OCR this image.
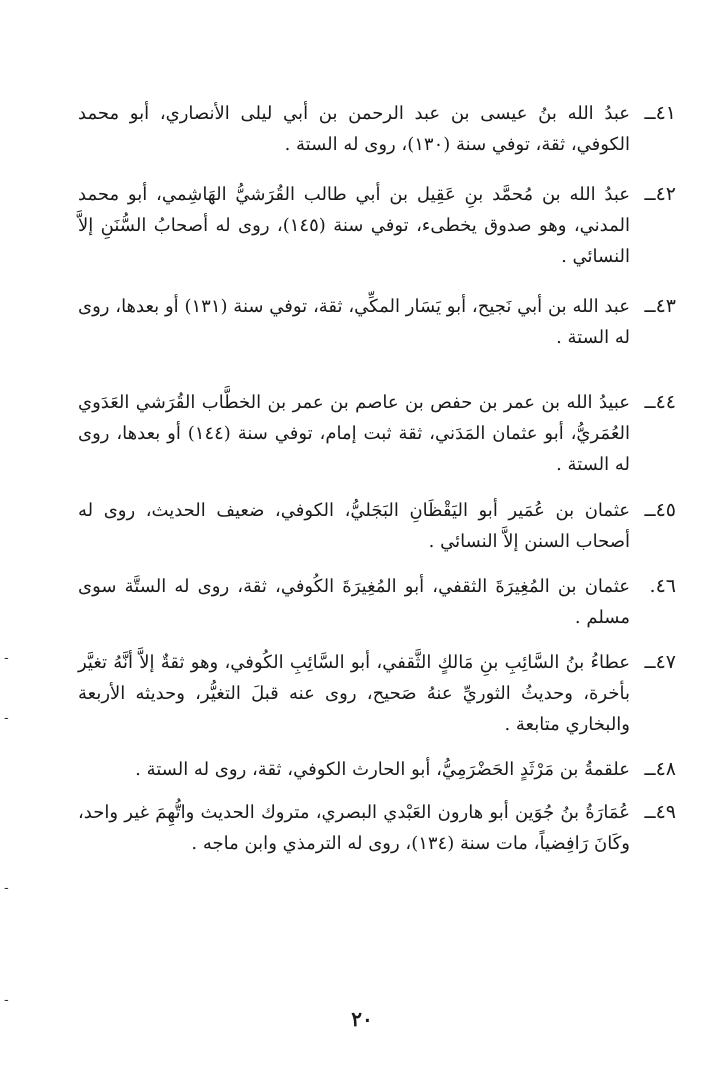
٤١ــ
عبدُ الله بنُ عيسى بن عبد الرحمن بن أبي ليلى الأنصاري، أبو محمد الكوفي، ثقة، توفي سنة (١٣٠)، روى له الستة .
٤٢ــ
عبدُ الله بن مُحمَّد بنِ عَقِيل بن أبي طالب القُرَشيُّ الهَاشِمي، أبو محمد المدني، وهو صدوق يخطىء، توفي سنة (١٤٥)، روى له أصحابُ السُّنَنِ إلاَّ النسائي .
٤٣ــ
عبد الله بن أبي نَجيح، أبو يَسَار المكِّي، ثقة، توفي سنة (١٣١) أو بعدها، روى له الستة .
٤٤ــ
عبيدُ الله بن عمر بن حفص بن عاصم بن عمر بن الخطَّاب القُرَشي العَدَوي العُمَريُّ، أبو عثمان المَدَني، ثقة ثبت إمام، توفي سنة (١٤٤) أو بعدها، روى له الستة .
٤٥ــ
عثمان بن عُمَير أبو اليَقْظَانِ البَجَليُّ، الكوفي، ضعيف الحديث، روى له أصحاب السنن إلاَّ النسائي .
٤٦.
عثمان بن المُغِيرَةَ الثقفي، أبو المُغِيرَةَ الكُوفي، ثقة، روى له الستَّة سوى مسلم .
٤٧ــ
عطاءُ بنُ السَّائِبِ بنِ مَالكٍ الثَّقفي، أبو السَّائِبِ الكُوفي، وهو ثقةٌ إلاَّ أنَّهُ تغيَّر بأخرة، وحديثُ الثوريِّ عنهُ صَحيح، روى عنه قبلَ التغيُّر، وحديثه الأربعة والبخاري متابعة .
٤٨ــ
علقمةُ بن مَرْثَدٍ الحَضْرَمِيُّ، أبو الحارث الكوفي، ثقة، روى له الستة .
٤٩ــ
عُمَارَةُ بنُ جُوَين أبو هارون العَبْدي البصري، متروك الحديث واتُّهِمَ غير واحد، وكَانَ رَافِضياً، مات سنة (١٣٤)، روى له الترمذي وابن ماجه .
٢٠
-
-
-
-
